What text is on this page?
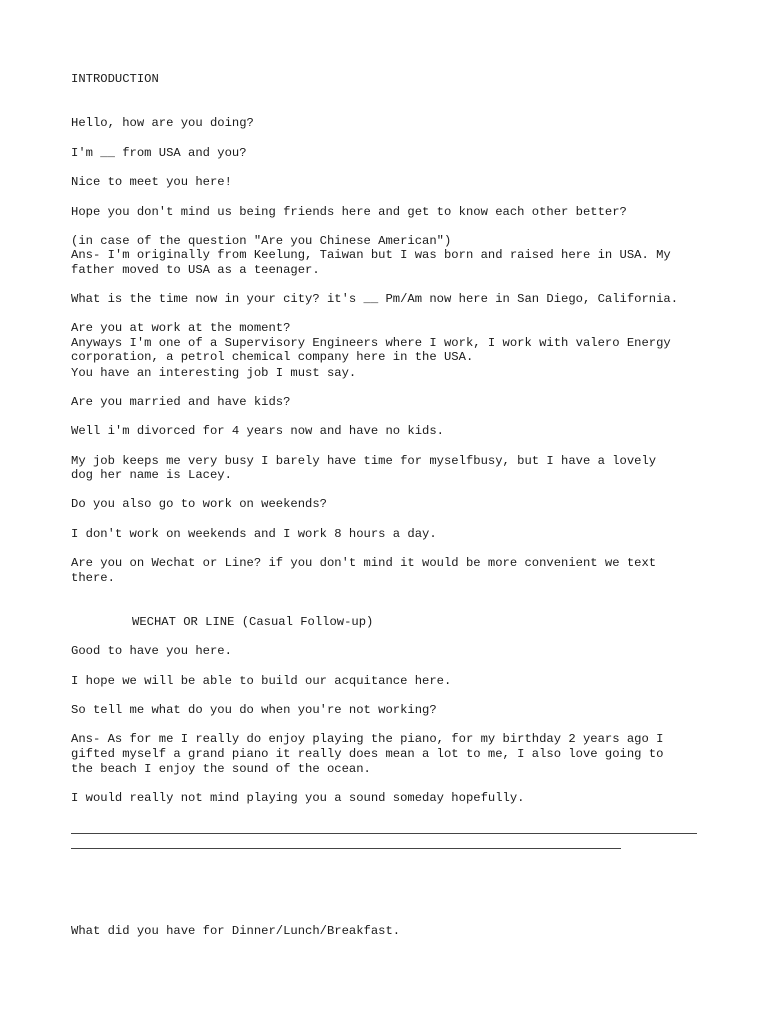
INTRODUCTION
Hello, how are you doing?
I'm __ from USA and you?
Nice to meet you here!
Hope you don't mind us being friends here and get to know each other better?
(in case of the question "Are you Chinese American")
Ans- I'm originally from Keelung, Taiwan but I was born and raised here in USA. My
father moved to USA as a teenager.
What is the time now in your city? it's __ Pm/Am now here in San Diego, California.
Are you at work at the moment?
Anyways I'm one of a Supervisory Engineers where I work, I work with valero Energy
corporation, a petrol chemical company here in the USA.
You have an interesting job I must say.
Are you married and have kids?
Well i'm divorced for 4 years now and have no kids.
My job keeps me very busy I barely have time for myselfbusy, but I have a lovely
dog her name is Lacey.
Do you also go to work on weekends?
I don't work on weekends and I work 8 hours a day.
Are you on Wechat or Line? if you don't mind it would be more convenient we text
there.
WECHAT OR LINE (Casual Follow-up)
Good to have you here.
I hope we will be able to build our acquitance here.
So tell me what do you do when you're not working?
Ans- As for me I really do enjoy playing the piano, for my birthday 2 years ago I
gifted myself a grand piano it really does mean a lot to me, I also love going to
the beach I enjoy the sound of the ocean.
I would really not mind playing you a sound someday hopefully.
What did you have for Dinner/Lunch/Breakfast.
